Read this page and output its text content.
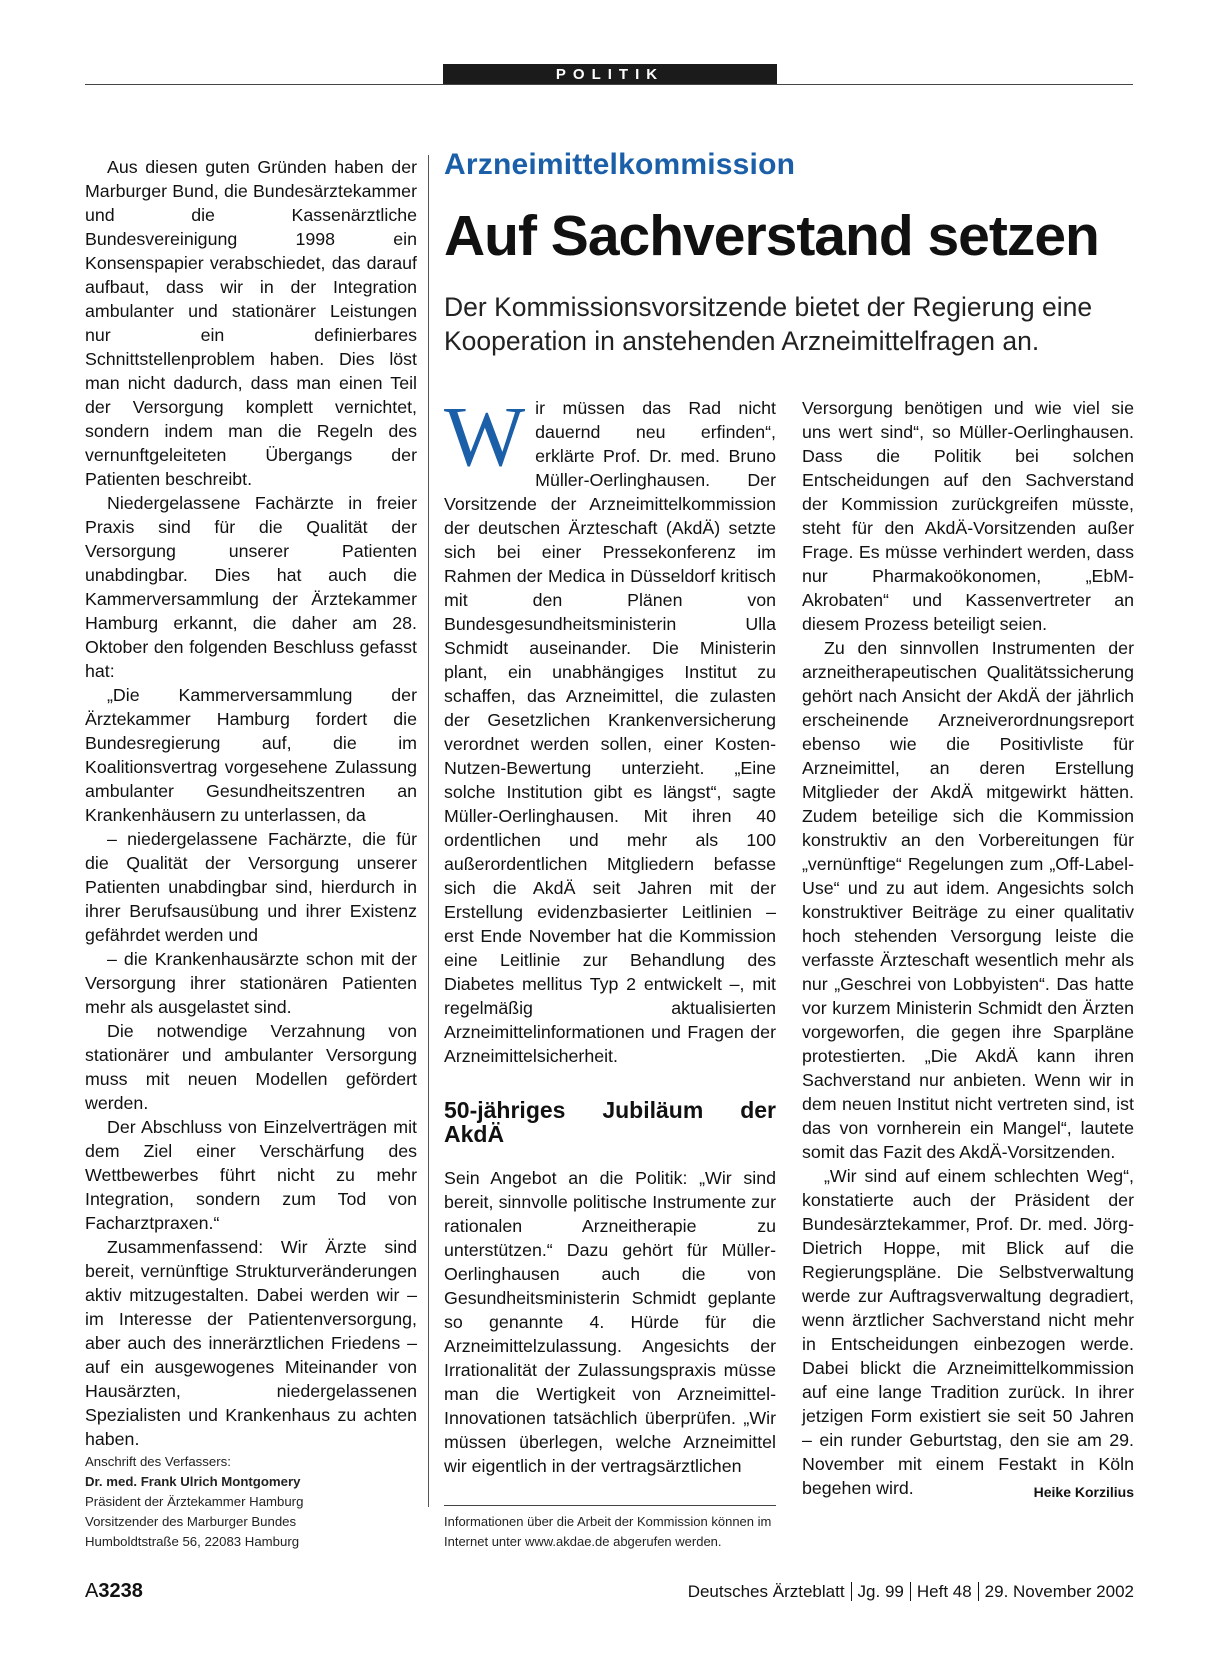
POLITIK

Aus diesen guten Gründen haben der Marburger Bund, die Bundesärztekammer und die Kassenärztliche Bundesvereinigung 1998 ein Konsenspapier verabschiedet, das darauf aufbaut, dass wir in der Integration ambulanter und stationärer Leistungen nur ein definierbares Schnittstellenproblem haben. Dies löst man nicht dadurch, dass man einen Teil der Versorgung komplett vernichtet, sondern indem man die Regeln des vernunftgeleiteten Übergangs der Patienten beschreibt.

Niedergelassene Fachärzte in freier Praxis sind für die Qualität der Versorgung unserer Patienten unabdingbar. Dies hat auch die Kammerversammlung der Ärztekammer Hamburg erkannt, die daher am 28. Oktober den folgenden Beschluss gefasst hat:

„Die Kammerversammlung der Ärztekammer Hamburg fordert die Bundesregierung auf, die im Koalitionsvertrag vorgesehene Zulassung ambulanter Gesundheitszentren an Krankenhäusern zu unterlassen, da

– niedergelassene Fachärzte, die für die Qualität der Versorgung unserer Patienten unabdingbar sind, hierdurch in ihrer Berufsausübung und ihrer Existenz gefährdet werden und

– die Krankenhausärzte schon mit der Versorgung ihrer stationären Patienten mehr als ausgelastet sind.

Die notwendige Verzahnung von stationärer und ambulanter Versorgung muss mit neuen Modellen gefördert werden.

Der Abschluss von Einzelverträgen mit dem Ziel einer Verschärfung des Wettbewerbes führt nicht zu mehr Integration, sondern zum Tod von Facharztpraxen.“

Zusammenfassend: Wir Ärzte sind bereit, vernünftige Strukturveränderungen aktiv mitzugestalten. Dabei werden wir – im Interesse der Patientenversorgung, aber auch des innerärztlichen Friedens – auf ein ausgewogenes Miteinander von Hausärzten, niedergelassenen Spezialisten und Krankenhaus zu achten haben.

Anschrift des Verfassers:
Dr. med. Frank Ulrich Montgomery
Präsident der Ärztekammer Hamburg
Vorsitzender des Marburger Bundes
Humboldtstraße 56, 22083 Hamburg
Arzneimittelkommission
Auf Sachverstand setzen
Der Kommissionsvorsitzende bietet der Regierung eine Kooperation in anstehenden Arzneimittelfragen an.

Wir müssen das Rad nicht dauernd neu erfinden“, erklärte Prof. Dr. med. Bruno Müller-Oerlinghausen. Der Vorsitzende der Arzneimittelkommission der deutschen Ärzteschaft (AkdÄ) setzte sich bei einer Pressekonferenz im Rahmen der Medica in Düsseldorf kritisch mit den Plänen von Bundesgesundheitsministerin Ulla Schmidt auseinander. Die Ministerin plant, ein unabhängiges Institut zu schaffen, das Arzneimittel, die zulasten der Gesetzlichen Krankenversicherung verordnet werden sollen, einer Kosten-Nutzen-Bewertung unterzieht. „Eine solche Institution gibt es längst“, sagte Müller-Oerlinghausen. Mit ihren 40 ordentlichen und mehr als 100 außerordentlichen Mitgliedern befasse sich die AkdÄ seit Jahren mit der Erstellung evidenzbasierter Leitlinien – erst Ende November hat die Kommission eine Leitlinie zur Behandlung des Diabetes mellitus Typ 2 entwickelt –, mit regelmäßig aktualisierten Arzneimittelinformationen und Fragen der Arzneimittelsicherheit.

50-jähriges Jubiläum der AkdÄ

Sein Angebot an die Politik: „Wir sind bereit, sinnvolle politische Instrumente zur rationalen Arzneitherapie zu unterstützen.“ Dazu gehört für Müller-Oerlinghausen auch die von Gesundheitsministerin Schmidt geplante so genannte 4. Hürde für die Arzneimittelzulassung. Angesichts der Irrationalität der Zulassungspraxis müsse man die Wertigkeit von Arzneimittel-Innovationen tatsächlich überprüfen. „Wir müssen überlegen, welche Arzneimittel wir eigentlich in der vertragsärztlichen

Informationen über die Arbeit der Kommission können im Internet unter www.akdae.de abgerufen werden.

Versorgung benötigen und wie viel sie uns wert sind“, so Müller-Oerlinghausen. Dass die Politik bei solchen Entscheidungen auf den Sachverstand der Kommission zurückgreifen müsste, steht für den AkdÄ-Vorsitzenden außer Frage. Es müsse verhindert werden, dass nur Pharmakoökonomen, „EbM-Akrobaten“ und Kassenvertreter an diesem Prozess beteiligt seien.

Zu den sinnvollen Instrumenten der arzneitherapeutischen Qualitätssicherung gehört nach Ansicht der AkdÄ der jährlich erscheinende Arzneiverordnungsreport ebenso wie die Positivliste für Arzneimittel, an deren Erstellung Mitglieder der AkdÄ mitgewirkt hätten. Zudem beteilige sich die Kommission konstruktiv an den Vorbereitungen für „vernünftige“ Regelungen zum „Off-Label-Use“ und zu aut idem. Angesichts solch konstruktiver Beiträge zu einer qualitativ hoch stehenden Versorgung leiste die verfasste Ärzteschaft wesentlich mehr als nur „Geschrei von Lobbyisten“. Das hatte vor kurzem Ministerin Schmidt den Ärzten vorgeworfen, die gegen ihre Sparpläne protestierten. „Die AkdÄ kann ihren Sachverstand nur anbieten. Wenn wir in dem neuen Institut nicht vertreten sind, ist das von vornherein ein Mangel“, lautete somit das Fazit des AkdÄ-Vorsitzenden.

„Wir sind auf einem schlechten Weg“, konstatierte auch der Präsident der Bundesärztekammer, Prof. Dr. med. Jörg-Dietrich Hoppe, mit Blick auf die Regierungspläne. Die Selbstverwaltung werde zur Auftragsverwaltung degradiert, wenn ärztlicher Sachverstand nicht mehr in Entscheidungen einbezogen werde. Dabei blickt die Arzneimittelkommission auf eine lange Tradition zurück. In ihrer jetzigen Form existiert sie seit 50 Jahren – ein runder Geburtstag, den sie am 29. November mit einem Festakt in Köln begehen wird.	Heike Korzilius

A3238	Deutsches Ärzteblatt Jg. 99 Heft 48 29. November 2002
